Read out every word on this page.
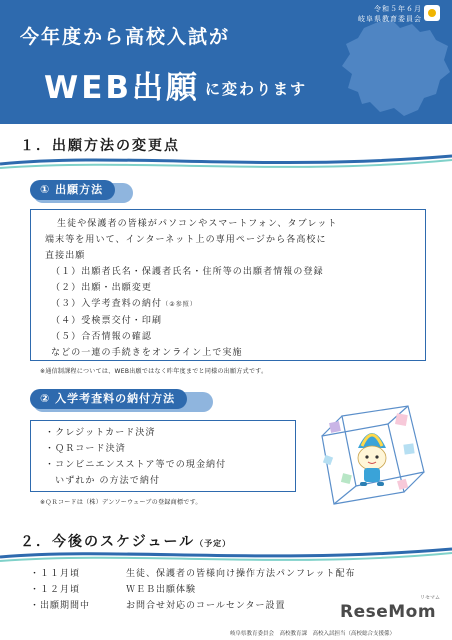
令和５年６月
岐阜県教育委員会
今年度から高校入試が
WEB出願 に変わります
１．出願方法の変更点
① 出願方法

生徒や保護者の皆様がパソコンやスマートフォン、タブレット

端末等を用いて、インターネット上の専用ページから各高校に

直接出願

（１）出願者氏名・保護者氏名・住所等の出願者情報の登録

（２）出願・出願変更

（３）入学考査料の納付（②参照）

（４）受検票交付・印刷

（５）合否情報の確認

などの一連の手続きをオンライン上で実施

※通信制課程については、WEB出願ではなく昨年度までと同様の出願方式です。
② 入学考査料の納付方法

・クレジットカード決済

・ＱＲコード決済

・コンビニエンスストア等での現金納付

　いずれか の方法で納付

※ＱＲコードは（株）デンソーウェーブの登録商標です。
２．今後のスケジュール（予定）
・１１月頃	生徒、保護者の皆様向け操作方法パンフレット配布
・１２月頃	ＷＥＢ出願体験
・出願期間中	お問合せ対応のコールセンター設置
リセマム
ReseMom
岐阜県教育委員会　高校教育課　高校入試担当（高校総合支援係）
